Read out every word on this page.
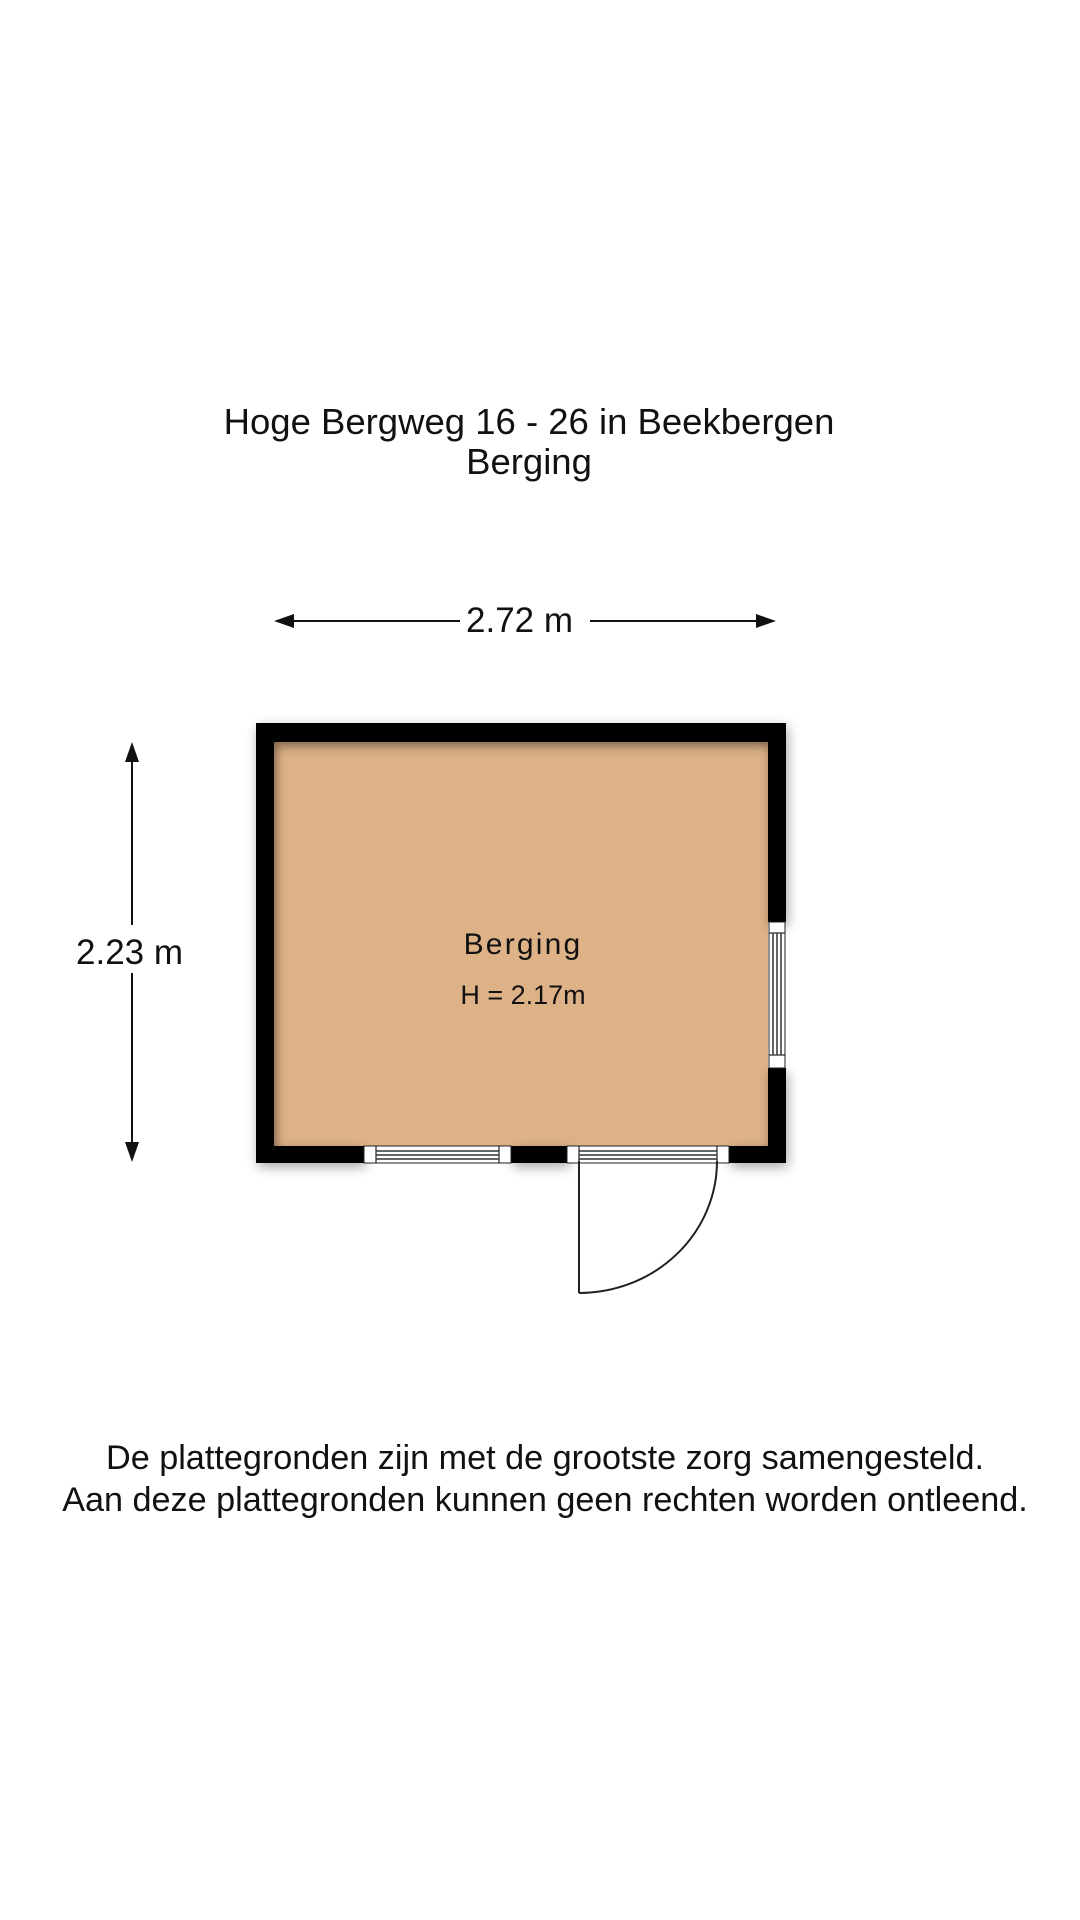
Hoge Bergweg 16 - 26 in Beekbergen
Berging
2.72 m
2.23 m	Berging
H = 2.17m
De plattegronden zijn met de grootste zorg samengesteld.
Aan deze plattegronden kunnen geen rechten worden ontleend.
